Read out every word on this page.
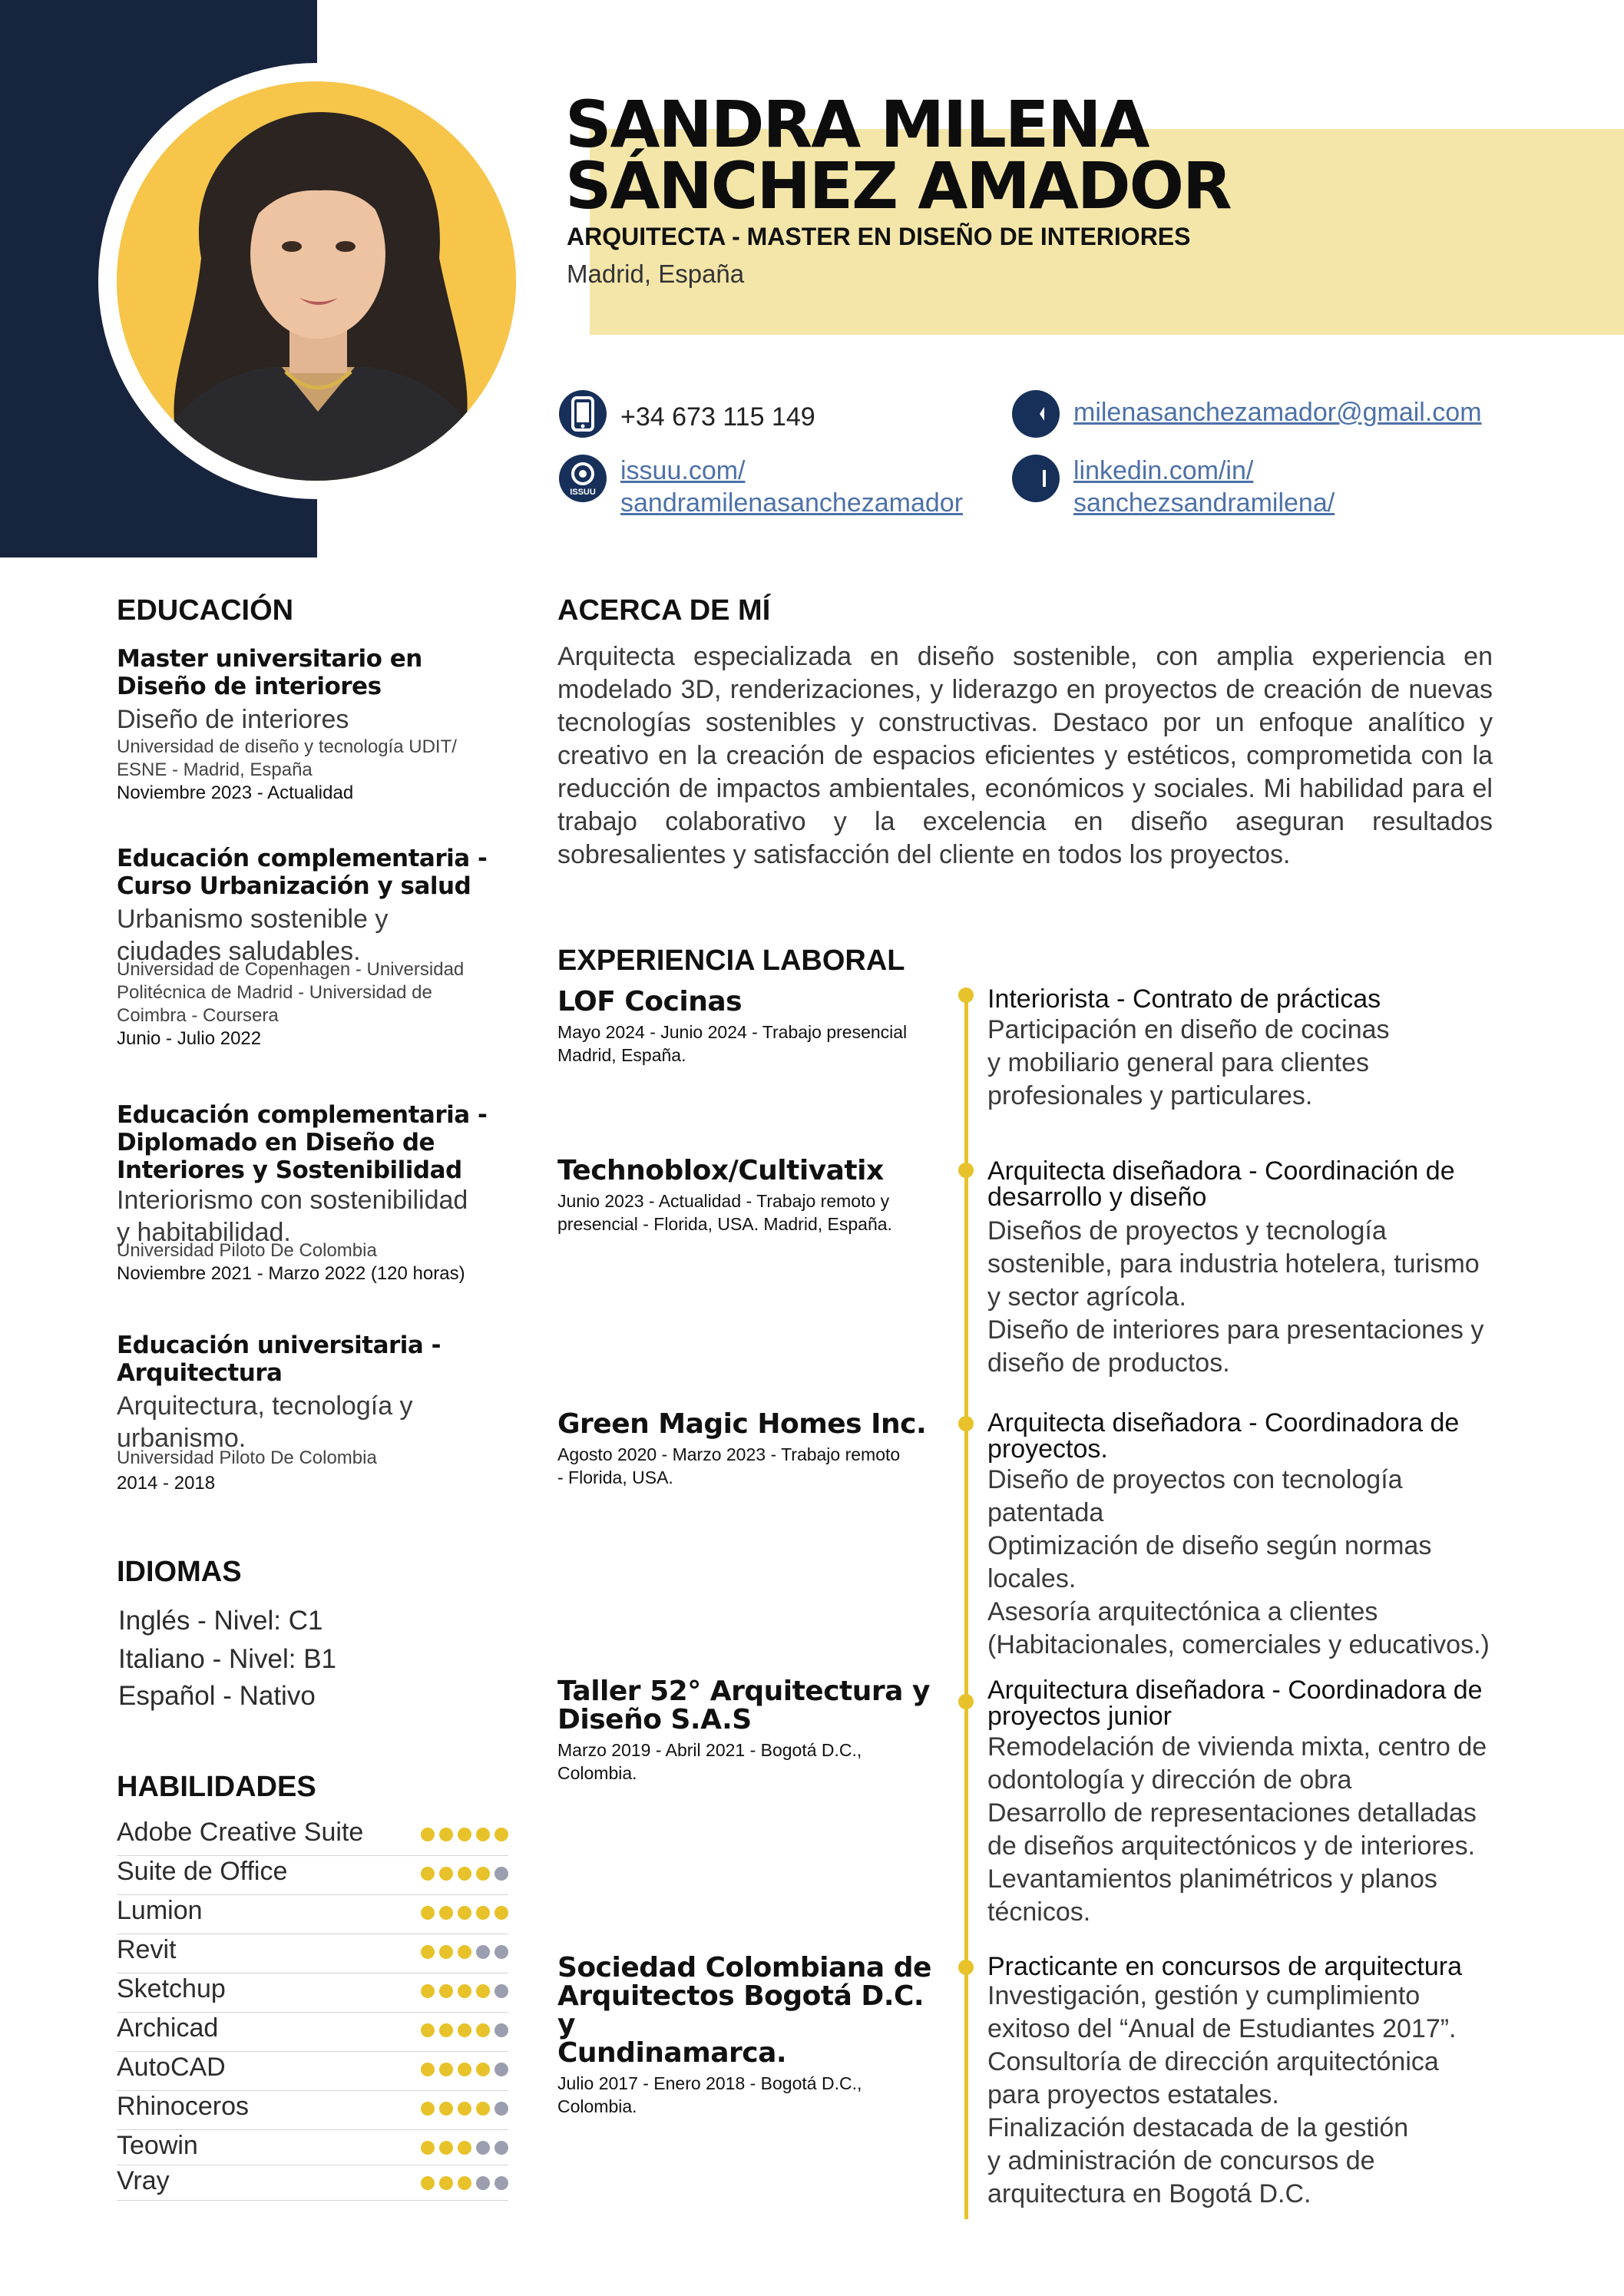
SANDRA MILENA
SÁNCHEZ AMADOR
ARQUITECTA - MASTER EN DISEÑO DE INTERIORES
Madrid, España
+34 673 115 149	milenasanchezamador@gmail.com
ISSUU
issuu.com/
sandramilenasanchezamador
linkedin.com/in/
sanchezsandramilena/
EDUCACIÓN
Master universitario en
Diseño de interiores
Diseño de interiores
Universidad de diseño y tecnología UDIT/
ESNE - Madrid, España
Noviembre 2023 - Actualidad
Educación complementaria -
Curso Urbanización y salud
Urbanismo sostenible y
ciudades saludables.
Universidad de Copenhagen - Universidad
Politécnica de Madrid - Universidad de
Coimbra - Coursera
Junio - Julio 2022
Educación complementaria -
Diplomado en Diseño de
Interiores y Sostenibilidad
Interiorismo con sostenibilidad
y habitabilidad.
Universidad Piloto De Colombia
Noviembre 2021 - Marzo 2022 (120 horas)
Educación universitaria -
Arquitectura
Arquitectura, tecnología y
urbanismo.
Universidad Piloto De Colombia
2014 - 2018
IDIOMAS
Inglés - Nivel: C1
Italiano - Nivel: B1
Español - Nativo
HABILIDADES
Adobe Creative Suite
Suite de Office
Lumion
Revit
Sketchup
Archicad
AutoCAD
Rhinoceros
Teowin
Vray
ACERCA DE MÍ
Arquitecta especializada en diseño sostenible, con amplia experiencia en modelado 3D, renderizaciones, y liderazgo en proyectos de creación de nuevas tecnologías sostenibles y constructivas. Destaco por un enfoque analítico y creativo en la creación de espacios eficientes y estéticos, comprometida con la reducción de impactos ambientales, económicos y sociales. Mi habilidad para el trabajo colaborativo y la excelencia en diseño aseguran resultados sobresalientes y satisfacción del cliente en todos los proyectos.
EXPERIENCIA LABORAL
LOF Cocinas
Mayo 2024 - Junio 2024 - Trabajo presencial
Madrid, España.
Interiorista - Contrato de prácticas
Participación en diseño de cocinas
y mobiliario general para clientes
profesionales y particulares.
Technoblox/Cultivatix
Junio 2023 - Actualidad - Trabajo remoto y
presencial - Florida, USA. Madrid, España.
Arquitecta diseñadora - Coordinación de
desarrollo y diseño
Diseños de proyectos y tecnología
sostenible, para industria hotelera, turismo
y sector agrícola.
Diseño de interiores para presentaciones y
diseño de productos.
Green Magic Homes Inc.
Agosto 2020 - Marzo 2023 - Trabajo remoto
- Florida, USA.
Arquitecta diseñadora - Coordinadora de
proyectos.
Diseño de proyectos con tecnología
patentada
Optimización de diseño según normas
locales.
Asesoría arquitectónica a clientes
(Habitacionales, comerciales y educativos.)
Taller 52° Arquitectura y
Diseño S.A.S
Marzo 2019 - Abril 2021 - Bogotá D.C.,
Colombia.
Arquitectura diseñadora - Coordinadora de
proyectos junior
Remodelación de vivienda mixta, centro de
odontología y dirección de obra
Desarrollo de representaciones detalladas
de diseños arquitectónicos y de interiores.
Levantamientos planimétricos y planos
técnicos.
Sociedad Colombiana de
Arquitectos Bogotá D.C. y
Cundinamarca.
Julio 2017 - Enero 2018 - Bogotá D.C.,
Colombia.
Practicante en concursos de arquitectura
Investigación, gestión y cumplimiento
exitoso del “Anual de Estudiantes 2017”.
Consultoría de dirección arquitectónica
para proyectos estatales.
Finalización destacada de la gestión
y administración de concursos de
arquitectura en Bogotá D.C.
